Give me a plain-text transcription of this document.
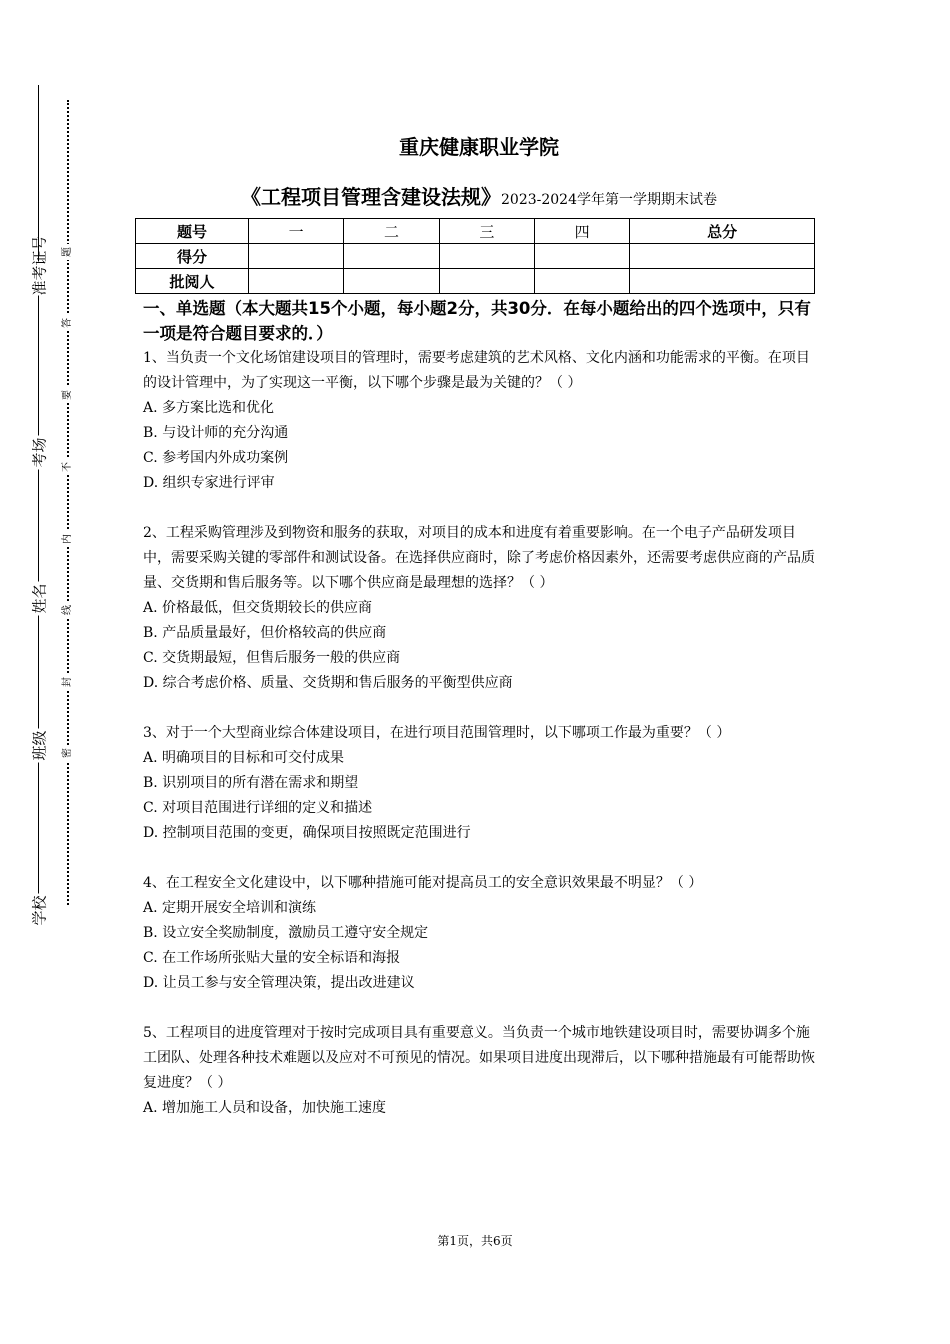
准考证号
考场
姓名
班级
学校
题
答
要
不
内
线
封
密
重庆健康职业学院
《工程项目管理含建设法规》2023-2024学年第一学期期末试卷
题号	一	二	三	四	总分
得分					
批阅人					
一、单选题（本大题共15个小题，每小题2分，共30分．在每小题给出的四个选项中，只有一项是符合题目要求的．）

1、当负责一个文化场馆建设项目的管理时，需要考虑建筑的艺术风格、文化内涵和功能需求的平衡。在项目的设计管理中，为了实现这一平衡，以下哪个步骤是最为关键的？（ ）

A. 多方案比选和优化

B. 与设计师的充分沟通

C. 参考国内外成功案例

D. 组织专家进行评审

2、工程采购管理涉及到物资和服务的获取，对项目的成本和进度有着重要影响。在一个电子产品研发项目中，需要采购关键的零部件和测试设备。在选择供应商时，除了考虑价格因素外，还需要考虑供应商的产品质量、交货期和售后服务等。以下哪个供应商是最理想的选择？（ ）

A. 价格最低，但交货期较长的供应商

B. 产品质量最好，但价格较高的供应商

C. 交货期最短，但售后服务一般的供应商

D. 综合考虑价格、质量、交货期和售后服务的平衡型供应商

3、对于一个大型商业综合体建设项目，在进行项目范围管理时，以下哪项工作最为重要？（ ）

A. 明确项目的目标和可交付成果

B. 识别项目的所有潜在需求和期望

C. 对项目范围进行详细的定义和描述

D. 控制项目范围的变更，确保项目按照既定范围进行

4、在工程安全文化建设中，以下哪种措施可能对提高员工的安全意识效果最不明显？（ ）

A. 定期开展安全培训和演练

B. 设立安全奖励制度，激励员工遵守安全规定

C. 在工作场所张贴大量的安全标语和海报

D. 让员工参与安全管理决策，提出改进建议

5、工程项目的进度管理对于按时完成项目具有重要意义。当负责一个城市地铁建设项目时，需要协调多个施工团队、处理各种技术难题以及应对不可预见的情况。如果项目进度出现滞后，以下哪种措施最有可能帮助恢复进度？（ ）

A. 增加施工人员和设备，加快施工速度

第1页，共6页
